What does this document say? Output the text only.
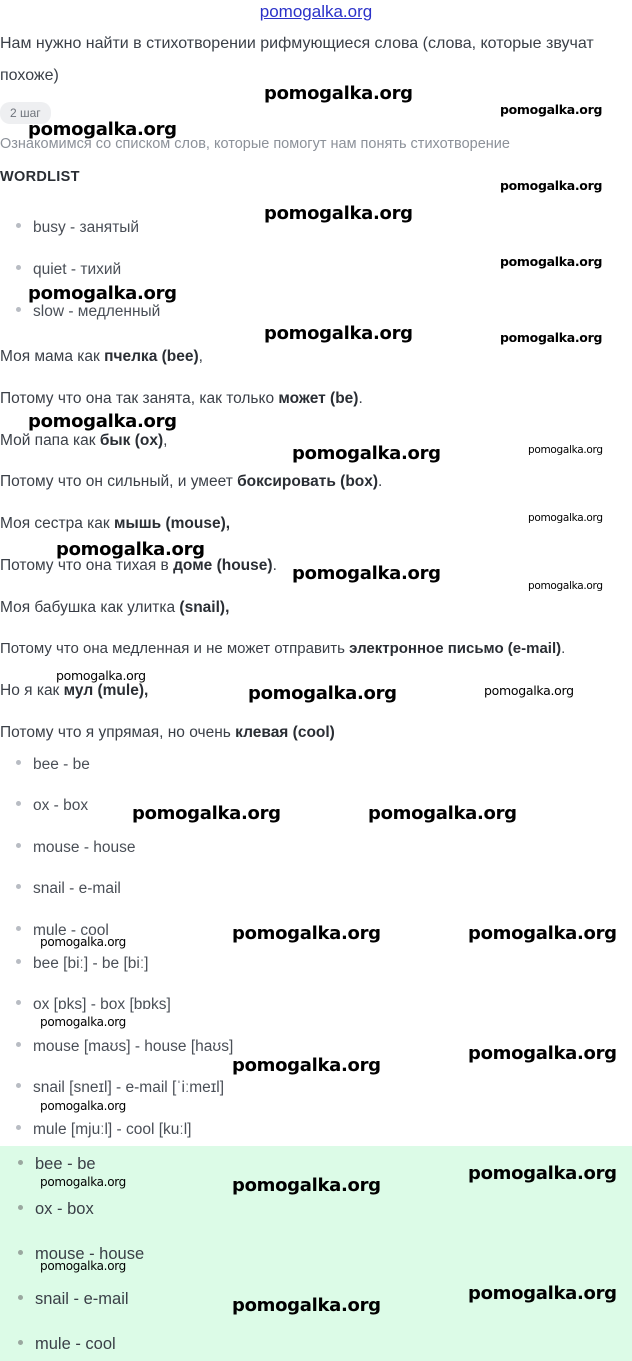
pomogalka.org
Нам нужно найти в стихотворении рифмующиеся слова (слова, которые звучат похоже)
2 шаг
Ознакомимся со списком слов, которые помогут нам понять стихотворение
WORDLIST
busy - занятый
quiet - тихий
slow - медленный
Моя мама как пчелка (bee),
Потому что она так занята, как только может (be).
Мой папа как бык (ox),
Потому что он сильный, и умеет боксировать (box).
Моя сестра как мышь (mouse),
Потому что она тихая в доме (house).
Моя бабушка как улитка (snail),
Потому что она медленная и не может отправить электронное письмо (e-mail).
Но я как мул (mule),
Потому что я упрямая, но очень клевая (cool)
bee - be
ox - box
mouse - house
snail - e-mail
mule - cool
bee [biː] - be [biː]
ox [ɒks] - box [bɒks]
mouse [maʊs] - house [haʊs]
snail [sneɪl] - e-mail [ˈiːmeɪl]
mule [mjuːl] - cool [kuːl]
bee - be
ox - box
mouse - house
snail - e-mail
mule - cool
pomogalka.org
pomogalka.org
pomogalka.org
pomogalka.org
pomogalka.org
pomogalka.org
pomogalka.org
pomogalka.org	pomogalka.org
pomogalka.org
pomogalka.org	pomogalka.org
pomogalka.org
pomogalka.org
pomogalka.org
pomogalka.org
pomogalka.org
pomogalka.org	pomogalka.org
pomogalka.org	pomogalka.org
pomogalka.org	pomogalka.org	pomogalka.org
pomogalka.org
pomogalka.org
pomogalka.org
pomogalka.org
pomogalka.org
pomogalka.org	pomogalka.org
pomogalka.org
pomogalka.org
pomogalka.org
